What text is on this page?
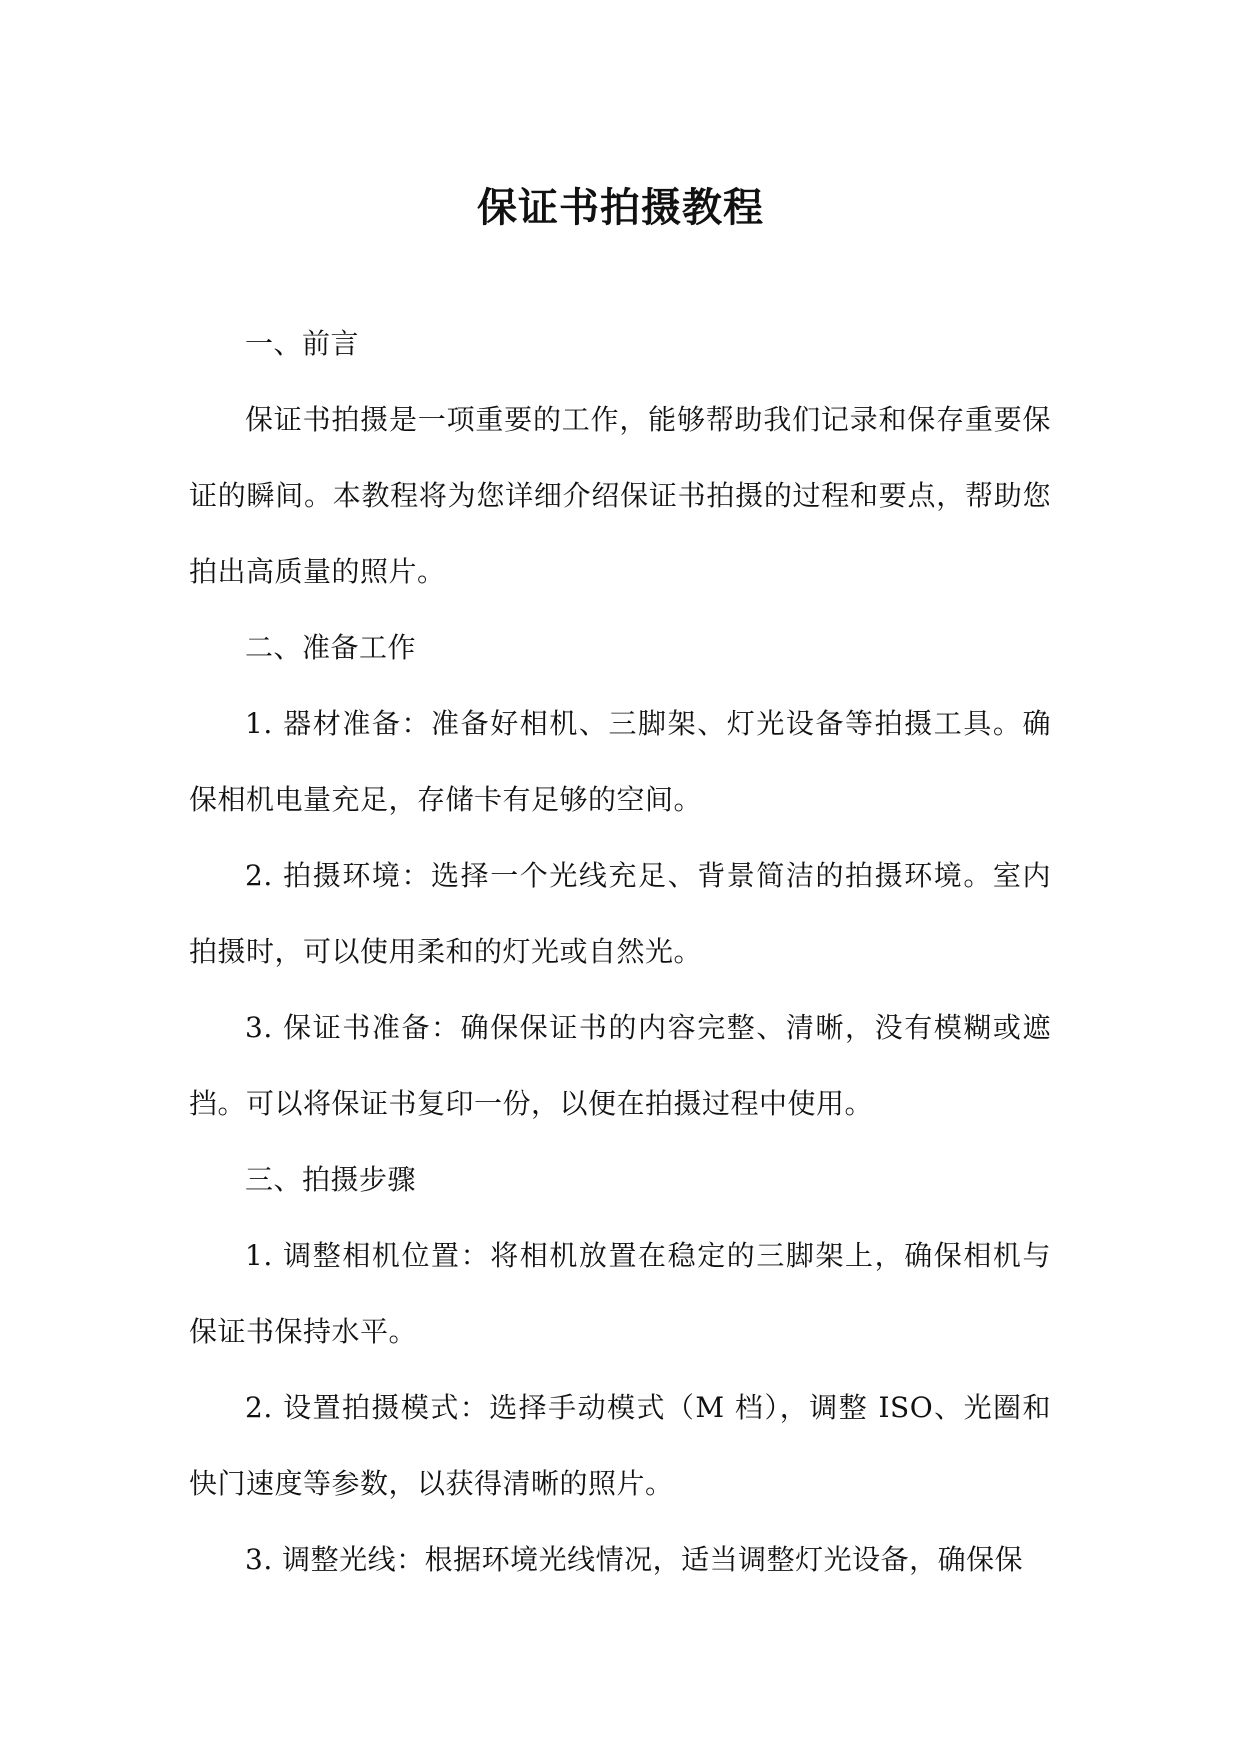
保证书拍摄教程

一、前言

保证书拍摄是一项重要的工作，能够帮助我们记录和保存重要保证的瞬间。本教程将为您详细介绍保证书拍摄的过程和要点，帮助您拍出高质量的照片。

二、准备工作

1. 器材准备：准备好相机、三脚架、灯光设备等拍摄工具。确保相机电量充足，存储卡有足够的空间。

2. 拍摄环境：选择一个光线充足、背景简洁的拍摄环境。室内拍摄时，可以使用柔和的灯光或自然光。

3. 保证书准备：确保保证书的内容完整、清晰，没有模糊或遮挡。可以将保证书复印一份，以便在拍摄过程中使用。

三、拍摄步骤

1. 调整相机位置：将相机放置在稳定的三脚架上，确保相机与保证书保持水平。

2. 设置拍摄模式：选择手动模式（M 档），调整 ISO、光圈和快门速度等参数，以获得清晰的照片。

3. 调整光线：根据环境光线情况，适当调整灯光设备，确保保
